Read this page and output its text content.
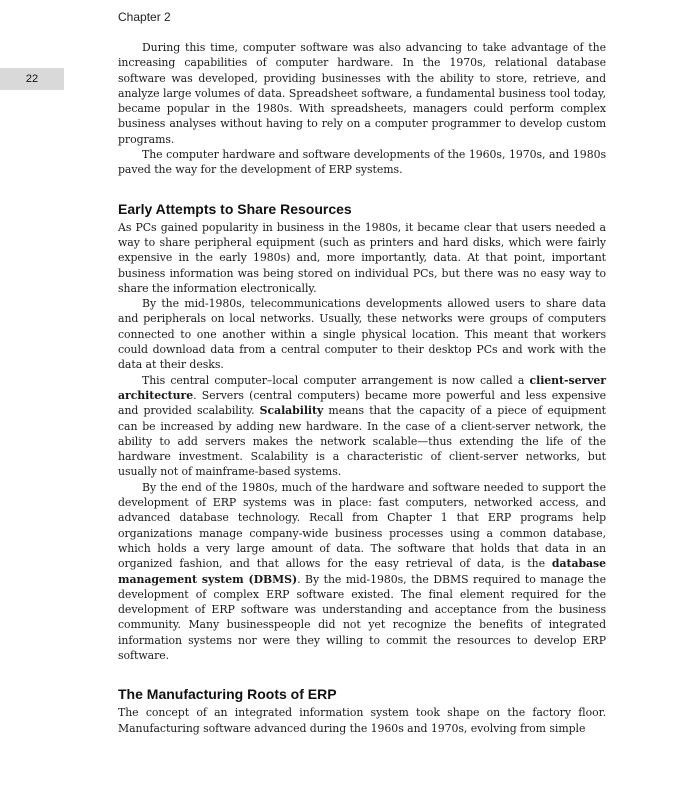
Chapter 2
22

During this time, computer software was also advancing to take advantage of the increasing capabilities of computer hardware. In the 1970s, relational database software was developed, providing businesses with the ability to store, retrieve, and analyze large volumes of data. Spreadsheet software, a fundamental business tool today, became popular in the 1980s. With spreadsheets, managers could perform complex business analyses without having to rely on a computer programmer to develop custom programs.

The computer hardware and software developments of the 1960s, 1970s, and 1980s paved the way for the development of ERP systems.

Early Attempts to Share Resources

As PCs gained popularity in business in the 1980s, it became clear that users needed a way to share peripheral equipment (such as printers and hard disks, which were fairly expensive in the early 1980s) and, more importantly, data. At that point, important business information was being stored on individual PCs, but there was no easy way to share the information electronically.

By the mid-1980s, telecommunications developments allowed users to share data and peripherals on local networks. Usually, these networks were groups of computers connected to one another within a single physical location. This meant that workers could download data from a central computer to their desktop PCs and work with the data at their desks.

This central computer–local computer arrangement is now called a client-server architecture. Servers (central computers) became more powerful and less expensive and provided scalability. Scalability means that the capacity of a piece of equipment can be increased by adding new hardware. In the case of a client-server network, the ability to add servers makes the network scalable—thus extending the life of the hardware investment. Scalability is a characteristic of client-server networks, but usually not of mainframe-based systems.

By the end of the 1980s, much of the hardware and software needed to support the development of ERP systems was in place: fast computers, networked access, and advanced database technology. Recall from Chapter 1 that ERP programs help organizations manage company-wide business processes using a common database, which holds a very large amount of data. The software that holds that data in an organized fashion, and that allows for the easy retrieval of data, is the database management system (DBMS). By the mid-1980s, the DBMS required to manage the development of complex ERP software existed. The final element required for the development of ERP software was understanding and acceptance from the business community. Many businesspeople did not yet recognize the benefits of integrated information systems nor were they willing to commit the resources to develop ERP software.

The Manufacturing Roots of ERP

The concept of an integrated information system took shape on the factory floor. Manufacturing software advanced during the 1960s and 1970s, evolving from simple
